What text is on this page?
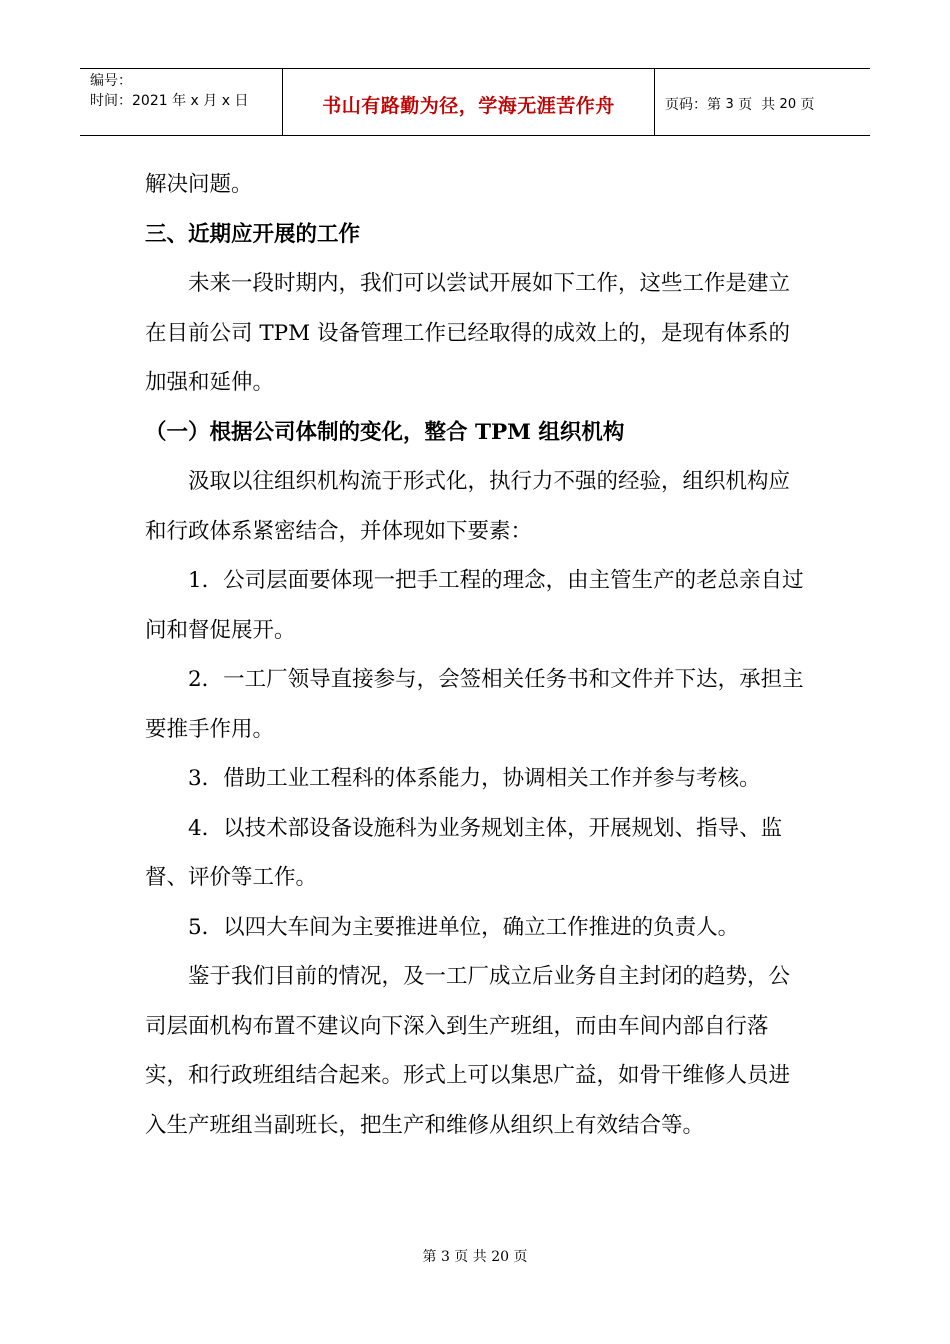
编号：
时间：2021 年 x 月 x 日	书山有路勤为径，学海无涯苦作舟	页码：第 3 页  共 20 页

解决问题。

三、近期应开展的工作

未来一段时期内，我们可以尝试开展如下工作，这些工作是建立在目前公司 TPM 设备管理工作已经取得的成效上的，是现有体系的加强和延伸。

（一）根据公司体制的变化，整合 TPM 组织机构

汲取以往组织机构流于形式化，执行力不强的经验，组织机构应和行政体系紧密结合，并体现如下要素：

1．公司层面要体现一把手工程的理念，由主管生产的老总亲自过问和督促展开。

2．一工厂领导直接参与，会签相关任务书和文件并下达，承担主要推手作用。

3．借助工业工程科的体系能力，协调相关工作并参与考核。

4．以技术部设备设施科为业务规划主体，开展规划、指导、监督、评价等工作。

5．以四大车间为主要推进单位，确立工作推进的负责人。

鉴于我们目前的情况，及一工厂成立后业务自主封闭的趋势，公司层面机构布置不建议向下深入到生产班组，而由车间内部自行落实，和行政班组结合起来。形式上可以集思广益，如骨干维修人员进入生产班组当副班长，把生产和维修从组织上有效结合等。

第 3 页 共 20 页
